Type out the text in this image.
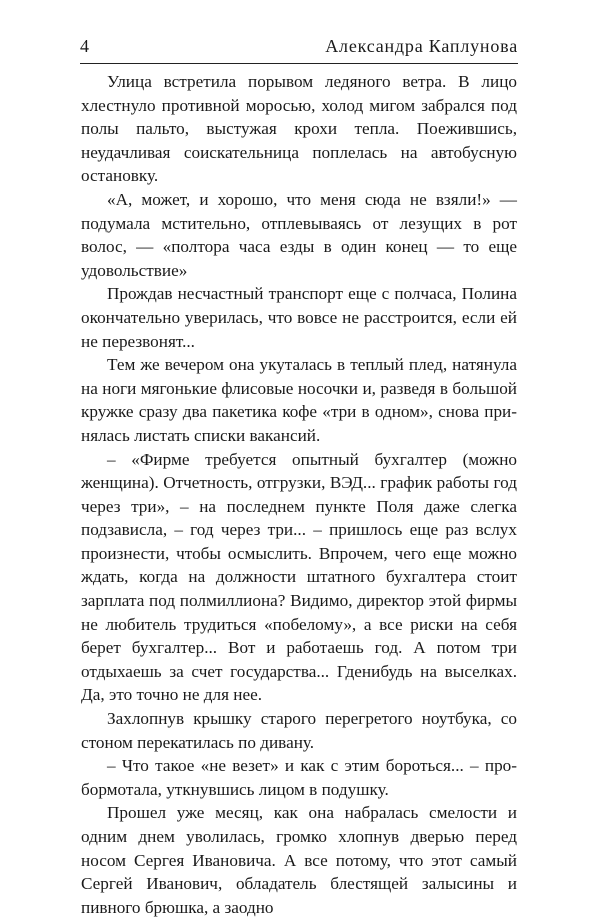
4	Александра Каплунова

Улица встретила порывом ледяного ветра. В лицо хлестнуло противной моросью, холод мигом забрался под полы пальто, выстужая крохи тепла. Поежившись, неудачливая соискательница поплелась на автобусную остановку.

«А, может, и хорошо, что меня сюда не взяли!» — подумала мстительно, отплевываясь от лезущих в рот волос, — «полтора часа езды в один конец — то еще удовольствие»

Прождав несчастный транспорт еще с полчаса, Полина окончательно уверилась, что вовсе не расстроится, если ей не перезвонят...

Тем же вечером она укуталась в теплый плед, натянула на ноги мягонькие флисовые носочки и, разведя в большой кружке сразу два пакетика кофе «три в одном», снова принялась листать списки вакансий.

– «Фирме требуется опытный бухгалтер (можно женщина). Отчетность, отгрузки, ВЭД... график работы год через три», – на последнем пункте Поля даже слегка подзависла, – год через три... – пришлось еще раз вслух произнести, чтобы осмыслить. Впрочем, чего еще можно ждать, когда на должности штатного бухгалтера стоит зарплата под полмиллиона? Видимо, директор этой фирмы не любитель трудиться «побелому», а все риски на себя берет бухгалтер... Вот и работаешь год. А потом три отдыхаешь за счет государства... Гденибудь на выселках. Да, это точно не для нее.

Захлопнув крышку старого перегретого ноутбука, со стоном перекатилась по дивану.

– Что такое «не везет» и как с этим бороться... – пробормотала, уткнувшись лицом в подушку.

Прошел уже месяц, как она набралась смелости и одним днем уволилась, громко хлопнув дверью перед носом Сергея Ивановича. А все потому, что этот самый Сергей Иванович, обладатель блестящей залысины и пивного брюшка, а заодно
